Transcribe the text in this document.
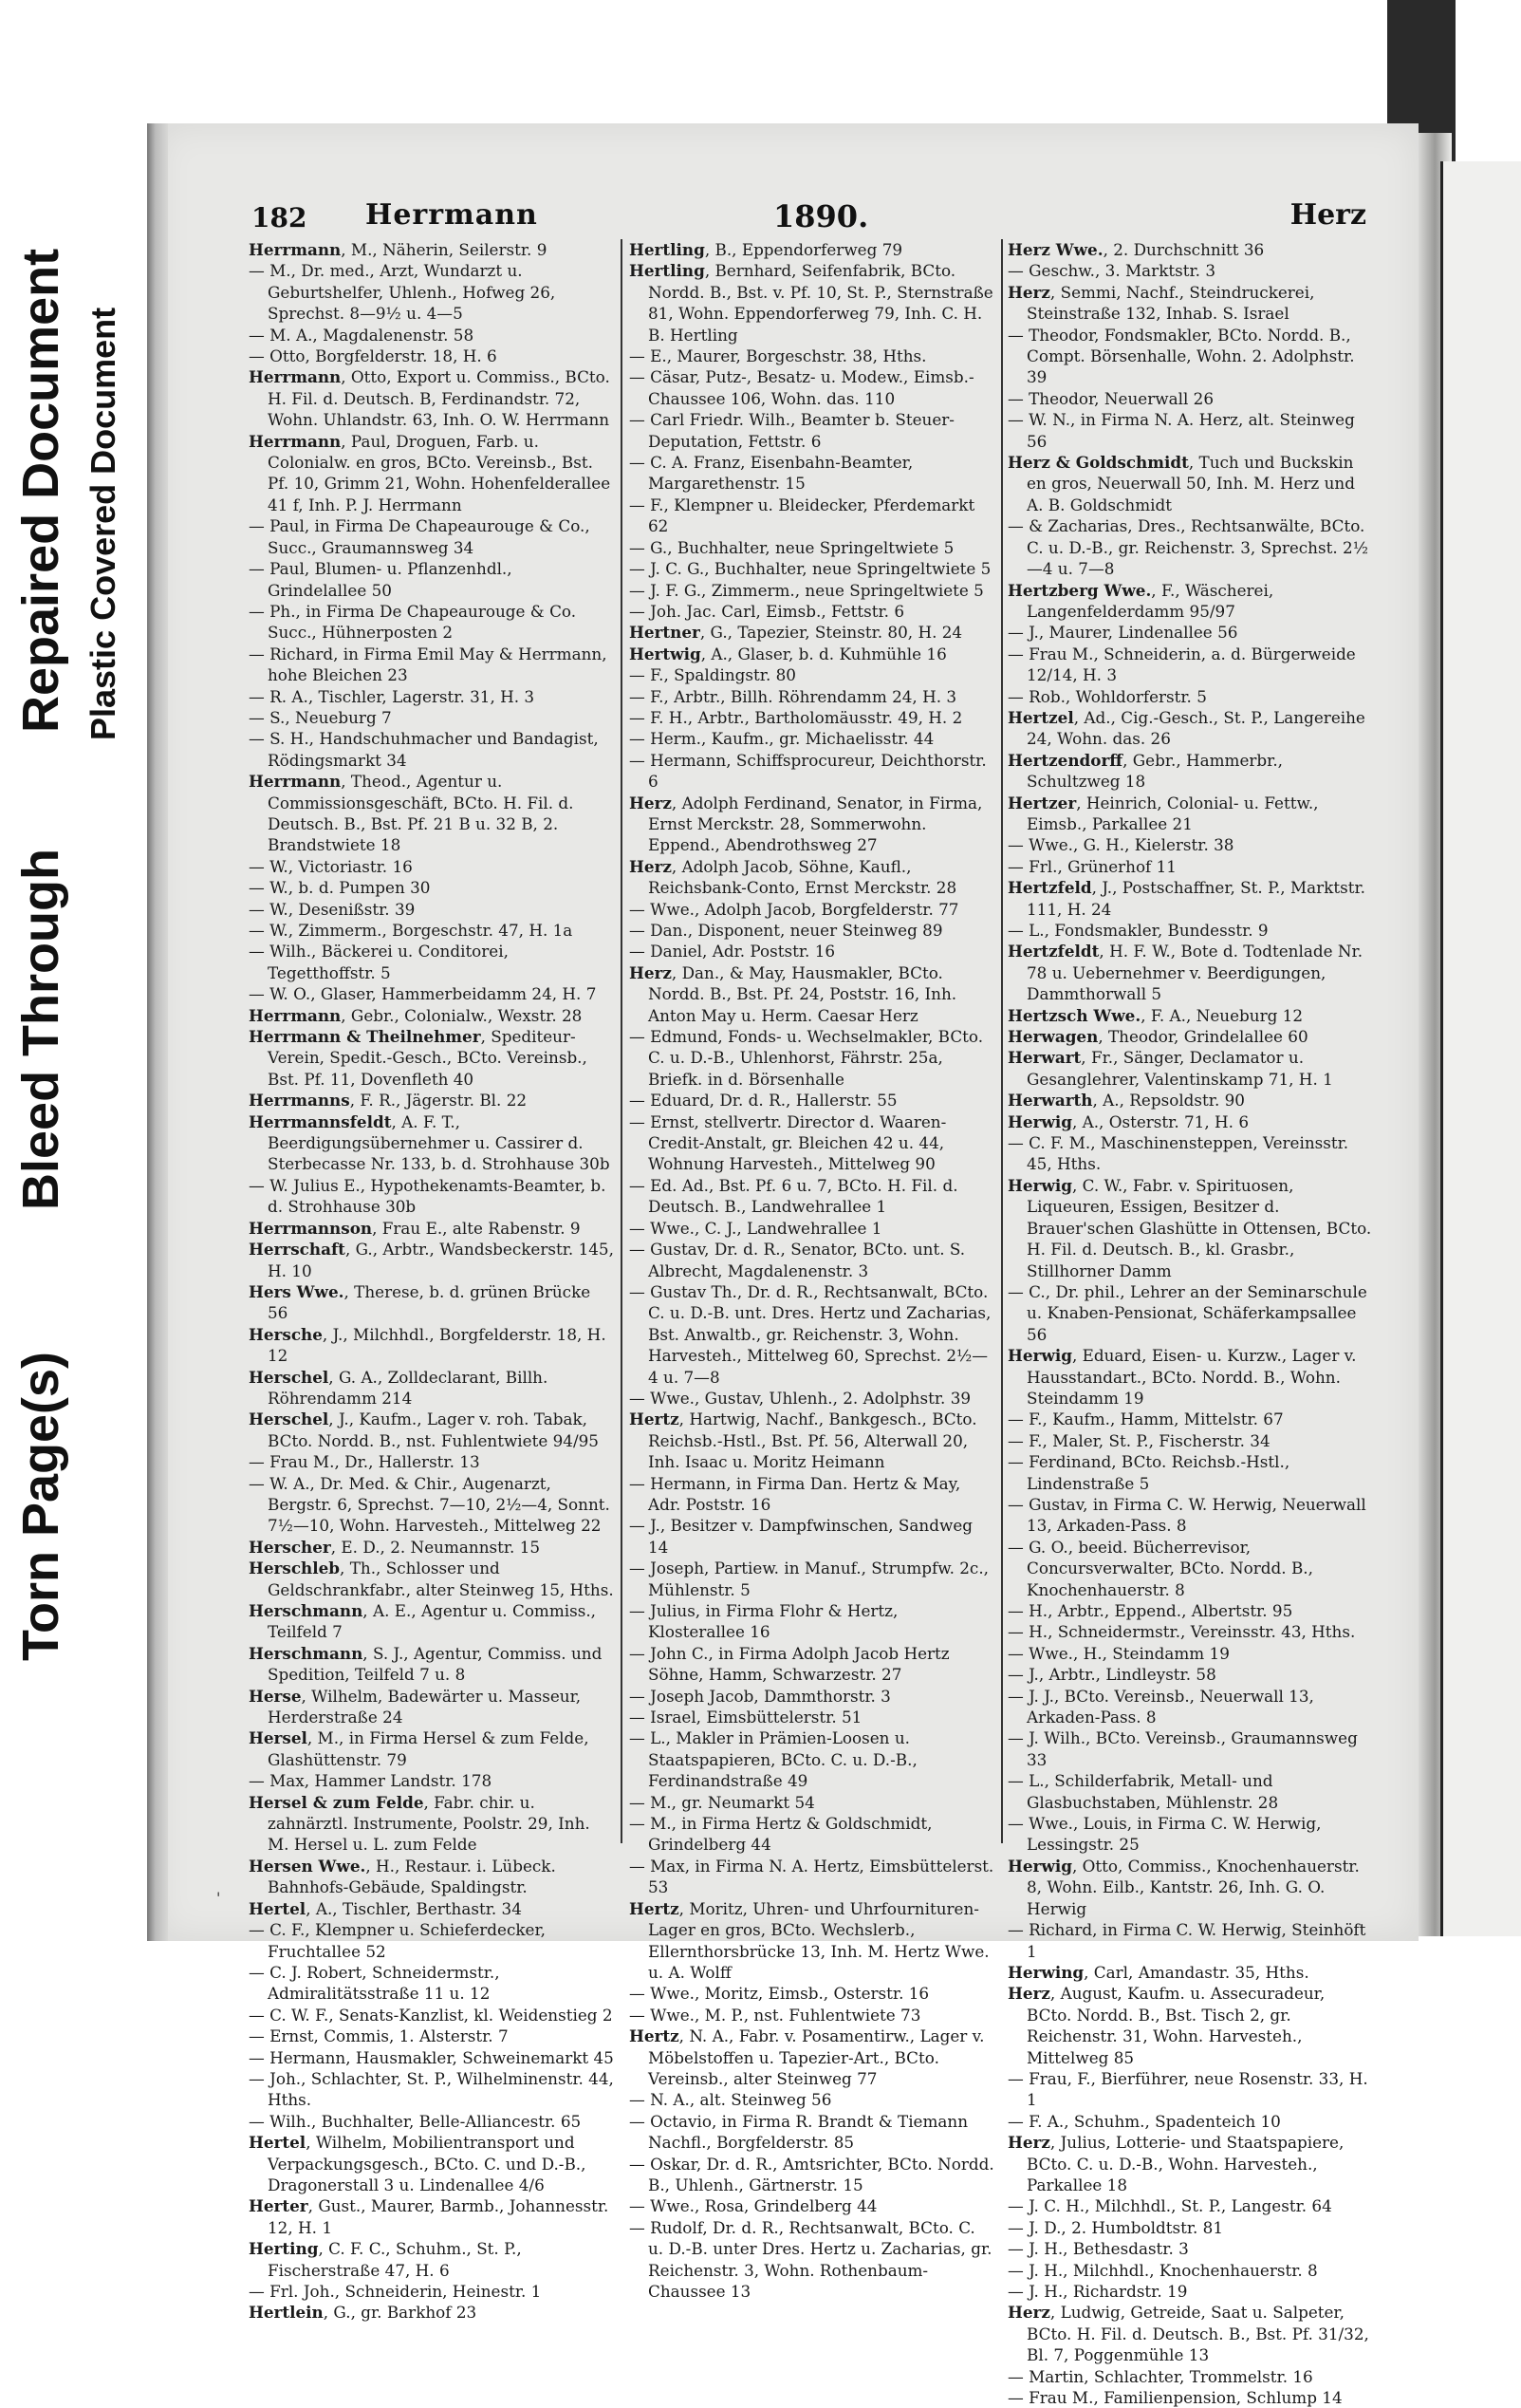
Torn Page(s)
Bleed Through
Repaired Document Plastic Covered Document
182 Herrmann	1890.	Herz

Herrmann, M., Näherin, Seilerstr. 9

— M., Dr. med., Arzt, Wundarzt u. Geburtshelfer, Uhlenh., Hofweg 26, Sprechst. 8—9½ u. 4—5

— M. A., Magdalenenstr. 58

— Otto, Borgfelderstr. 18, H. 6

Herrmann, Otto, Export u. Commiss., BCto. H. Fil. d. Deutsch. B, Ferdinandstr. 72, Wohn. Uhlandstr. 63, Inh. O. W. Herrmann

Herrmann, Paul, Droguen, Farb. u. Colonialw. en gros, BCto. Vereinsb., Bst. Pf. 10, Grimm 21, Wohn. Hohenfelderallee 41 f, Inh. P. J. Herrmann

— Paul, in Firma De Chapeaurouge & Co., Succ., Graumannsweg 34

— Paul, Blumen- u. Pflanzenhdl., Grindelallee 50

— Ph., in Firma De Chapeaurouge & Co. Succ., Hühnerposten 2

— Richard, in Firma Emil May & Herrmann, hohe Bleichen 23

— R. A., Tischler, Lagerstr. 31, H. 3

— S., Neueburg 7

— S. H., Handschuhmacher und Bandagist, Rödingsmarkt 34

Herrmann, Theod., Agentur u. Commissionsgeschäft, BCto. H. Fil. d. Deutsch. B., Bst. Pf. 21 B u. 32 B, 2. Brandstwiete 18

— W., Victoriastr. 16

— W., b. d. Pumpen 30

— W., Desenißstr. 39

— W., Zimmerm., Borgeschstr. 47, H. 1a

— Wilh., Bäckerei u. Conditorei, Tegetthoffstr. 5

— W. O., Glaser, Hammerbeidamm 24, H. 7

Herrmann, Gebr., Colonialw., Wexstr. 28

Herrmann & Theilnehmer, Spediteur-Verein, Spedit.-Gesch., BCto. Vereinsb., Bst. Pf. 11, Dovenfleth 40

Herrmanns, F. R., Jägerstr. Bl. 22

Herrmannsfeldt, A. F. T., Beerdigungsübernehmer u. Cassirer d. Sterbecasse Nr. 133, b. d. Strohhause 30b

— W. Julius E., Hypothekenamts-Beamter, b. d. Strohhause 30b

Herrmannson, Frau E., alte Rabenstr. 9

Herrschaft, G., Arbtr., Wandsbeckerstr. 145, H. 10

Hers Wwe., Therese, b. d. grünen Brücke 56

Hersche, J., Milchhdl., Borgfelderstr. 18, H. 12

Herschel, G. A., Zolldeclarant, Billh. Röhrendamm 214

Herschel, J., Kaufm., Lager v. roh. Tabak, BCto. Nordd. B., nst. Fuhlentwiete 94/95

— Frau M., Dr., Hallerstr. 13

— W. A., Dr. Med. & Chir., Augenarzt, Bergstr. 6, Sprechst. 7—10, 2½—4, Sonnt. 7½—10, Wohn. Harvesteh., Mittelweg 22

Herscher, E. D., 2. Neumannstr. 15

Herschleb, Th., Schlosser und Geldschrankfabr., alter Steinweg 15, Hths.

Herschmann, A. E., Agentur u. Commiss., Teilfeld 7

Herschmann, S. J., Agentur, Commiss. und Spedition, Teilfeld 7 u. 8

Herse, Wilhelm, Badewärter u. Masseur, Herderstraße 24

Hersel, M., in Firma Hersel & zum Felde, Glashüttenstr. 79

— Max, Hammer Landstr. 178

Hersel & zum Felde, Fabr. chir. u. zahnärztl. Instrumente, Poolstr. 29, Inh. M. Hersel u. L. zum Felde

Hersen Wwe., H., Restaur. i. Lübeck. Bahnhofs-Gebäude, Spaldingstr.

Hertel, A., Tischler, Berthastr. 34

— C. F., Klempner u. Schieferdecker, Fruchtallee 52

— C. J. Robert, Schneidermstr., Admiralitätsstraße 11 u. 12

— C. W. F., Senats-Kanzlist, kl. Weidenstieg 2

— Ernst, Commis, 1. Alsterstr. 7

— Hermann, Hausmakler, Schweinemarkt 45

— Joh., Schlachter, St. P., Wilhelminenstr. 44, Hths.

— Wilh., Buchhalter, Belle-Alliancestr. 65

Hertel, Wilhelm, Mobilientransport und Verpackungsgesch., BCto. C. und D.-B., Dragonerstall 3 u. Lindenallee 4/6

Herter, Gust., Maurer, Barmb., Johannesstr. 12, H. 1

Herting, C. F. C., Schuhm., St. P., Fischerstraße 47, H. 6

— Frl. Joh., Schneiderin, Heinestr. 1

Hertlein, G., gr. Barkhof 23

Hertling, B., Eppendorferweg 79

Hertling, Bernhard, Seifenfabrik, BCto. Nordd. B., Bst. v. Pf. 10, St. P., Sternstraße 81, Wohn. Eppendorferweg 79, Inh. C. H. B. Hertling

— E., Maurer, Borgeschstr. 38, Hths.

— Cäsar, Putz-, Besatz- u. Modew., Eimsb.-Chaussee 106, Wohn. das. 110

— Carl Friedr. Wilh., Beamter b. Steuer-Deputation, Fettstr. 6

— C. A. Franz, Eisenbahn-Beamter, Margarethenstr. 15

— F., Klempner u. Bleidecker, Pferdemarkt 62

— G., Buchhalter, neue Springeltwiete 5

— J. C. G., Buchhalter, neue Springeltwiete 5

— J. F. G., Zimmerm., neue Springeltwiete 5

— Joh. Jac. Carl, Eimsb., Fettstr. 6

Hertner, G., Tapezier, Steinstr. 80, H. 24

Hertwig, A., Glaser, b. d. Kuhmühle 16

— F., Spaldingstr. 80

— F., Arbtr., Billh. Röhrendamm 24, H. 3

— F. H., Arbtr., Bartholomäusstr. 49, H. 2

— Herm., Kaufm., gr. Michaelisstr. 44

— Hermann, Schiffsprocureur, Deichthorstr. 6

Herz, Adolph Ferdinand, Senator, in Firma, Ernst Merckstr. 28, Sommerwohn. Eppend., Abendrothsweg 27

Herz, Adolph Jacob, Söhne, Kaufl., Reichsbank-Conto, Ernst Merckstr. 28

— Wwe., Adolph Jacob, Borgfelderstr. 77

— Dan., Disponent, neuer Steinweg 89

— Daniel, Adr. Poststr. 16

Herz, Dan., & May, Hausmakler, BCto. Nordd. B., Bst. Pf. 24, Poststr. 16, Inh. Anton May u. Herm. Caesar Herz

— Edmund, Fonds- u. Wechselmakler, BCto. C. u. D.-B., Uhlenhorst, Fährstr. 25a, Briefk. in d. Börsenhalle

— Eduard, Dr. d. R., Hallerstr. 55

— Ernst, stellvertr. Director d. Waaren-Credit-Anstalt, gr. Bleichen 42 u. 44, Wohnung Harvesteh., Mittelweg 90

— Ed. Ad., Bst. Pf. 6 u. 7, BCto. H. Fil. d. Deutsch. B., Landwehrallee 1

— Wwe., C. J., Landwehrallee 1

— Gustav, Dr. d. R., Senator, BCto. unt. S. Albrecht, Magdalenenstr. 3

— Gustav Th., Dr. d. R., Rechtsanwalt, BCto. C. u. D.-B. unt. Dres. Hertz und Zacharias, Bst. Anwaltb., gr. Reichenstr. 3, Wohn. Harvesteh., Mittelweg 60, Sprechst. 2½—4 u. 7—8

— Wwe., Gustav, Uhlenh., 2. Adolphstr. 39

Hertz, Hartwig, Nachf., Bankgesch., BCto. Reichsb.-Hstl., Bst. Pf. 56, Alterwall 20, Inh. Isaac u. Moritz Heimann

— Hermann, in Firma Dan. Hertz & May, Adr. Poststr. 16

— J., Besitzer v. Dampfwinschen, Sandweg 14

— Joseph, Partiew. in Manuf., Strumpfw. 2c., Mühlenstr. 5

— Julius, in Firma Flohr & Hertz, Klosterallee 16

— John C., in Firma Adolph Jacob Hertz Söhne, Hamm, Schwarzestr. 27

— Joseph Jacob, Dammthorstr. 3

— Israel, Eimsbüttelerstr. 51

— L., Makler in Prämien-Loosen u. Staatspapieren, BCto. C. u. D.-B., Ferdinandstraße 49

— M., gr. Neumarkt 54

— M., in Firma Hertz & Goldschmidt, Grindelberg 44

— Max, in Firma N. A. Hertz, Eimsbüttelerst. 53

Hertz, Moritz, Uhren- und Uhrfournituren-Lager en gros, BCto. Wechslerb., Ellernthorsbrücke 13, Inh. M. Hertz Wwe. u. A. Wolff

— Wwe., Moritz, Eimsb., Osterstr. 16

— Wwe., M. P., nst. Fuhlentwiete 73

Hertz, N. A., Fabr. v. Posamentirw., Lager v. Möbelstoffen u. Tapezier-Art., BCto. Vereinsb., alter Steinweg 77

— N. A., alt. Steinweg 56

— Octavio, in Firma R. Brandt & Tiemann Nachfl., Borgfelderstr. 85

— Oskar, Dr. d. R., Amtsrichter, BCto. Nordd. B., Uhlenh., Gärtnerstr. 15

— Wwe., Rosa, Grindelberg 44

— Rudolf, Dr. d. R., Rechtsanwalt, BCto. C. u. D.-B. unter Dres. Hertz u. Zacharias, gr. Reichenstr. 3, Wohn. Rothenbaum-Chaussee 13

Herz Wwe., 2. Durchschnitt 36

— Geschw., 3. Marktstr. 3

Herz, Semmi, Nachf., Steindruckerei, Steinstraße 132, Inhab. S. Israel

— Theodor, Fondsmakler, BCto. Nordd. B., Compt. Börsenhalle, Wohn. 2. Adolphstr. 39

— Theodor, Neuerwall 26

— W. N., in Firma N. A. Herz, alt. Steinweg 56

Herz & Goldschmidt, Tuch und Buckskin en gros, Neuerwall 50, Inh. M. Herz und A. B. Goldschmidt

— & Zacharias, Dres., Rechtsanwälte, BCto. C. u. D.-B., gr. Reichenstr. 3, Sprechst. 2½—4 u. 7—8

Hertzberg Wwe., F., Wäscherei, Langenfelderdamm 95/97

— J., Maurer, Lindenallee 56

— Frau M., Schneiderin, a. d. Bürgerweide 12/14, H. 3

— Rob., Wohldorferstr. 5

Hertzel, Ad., Cig.-Gesch., St. P., Langereihe 24, Wohn. das. 26

Hertzendorff, Gebr., Hammerbr., Schultzweg 18

Hertzer, Heinrich, Colonial- u. Fettw., Eimsb., Parkallee 21

— Wwe., G. H., Kielerstr. 38

— Frl., Grünerhof 11

Hertzfeld, J., Postschaffner, St. P., Marktstr. 111, H. 24

— L., Fondsmakler, Bundesstr. 9

Hertzfeldt, H. F. W., Bote d. Todtenlade Nr. 78 u. Uebernehmer v. Beerdigungen, Dammthorwall 5

Hertzsch Wwe., F. A., Neueburg 12

Herwagen, Theodor, Grindelallee 60

Herwart, Fr., Sänger, Declamator u. Gesanglehrer, Valentinskamp 71, H. 1

Herwarth, A., Repsoldstr. 90

Herwig, A., Osterstr. 71, H. 6

— C. F. M., Maschinensteppen, Vereinsstr. 45, Hths.

Herwig, C. W., Fabr. v. Spirituosen, Liqueuren, Essigen, Besitzer d. Brauer'schen Glashütte in Ottensen, BCto. H. Fil. d. Deutsch. B., kl. Grasbr., Stillhorner Damm

— C., Dr. phil., Lehrer an der Seminarschule u. Knaben-Pensionat, Schäferkampsallee 56

Herwig, Eduard, Eisen- u. Kurzw., Lager v. Hausstandart., BCto. Nordd. B., Wohn. Steindamm 19

— F., Kaufm., Hamm, Mittelstr. 67

— F., Maler, St. P., Fischerstr. 34

— Ferdinand, BCto. Reichsb.-Hstl., Lindenstraße 5

— Gustav, in Firma C. W. Herwig, Neuerwall 13, Arkaden-Pass. 8

— G. O., beeid. Bücherrevisor, Concursverwalter, BCto. Nordd. B., Knochenhauerstr. 8

— H., Arbtr., Eppend., Albertstr. 95

— H., Schneidermstr., Vereinsstr. 43, Hths.

— Wwe., H., Steindamm 19

— J., Arbtr., Lindleystr. 58

— J. J., BCto. Vereinsb., Neuerwall 13, Arkaden-Pass. 8

— J. Wilh., BCto. Vereinsb., Graumannsweg 33

— L., Schilderfabrik, Metall- und Glasbuchstaben, Mühlenstr. 28

— Wwe., Louis, in Firma C. W. Herwig, Lessingstr. 25

Herwig, Otto, Commiss., Knochenhauerstr. 8, Wohn. Eilb., Kantstr. 26, Inh. G. O. Herwig

— Richard, in Firma C. W. Herwig, Steinhöft 1

Herwing, Carl, Amandastr. 35, Hths.

Herz, August, Kaufm. u. Assecuradeur, BCto. Nordd. B., Bst. Tisch 2, gr. Reichenstr. 31, Wohn. Harvesteh., Mittelweg 85

— Frau, F., Bierführer, neue Rosenstr. 33, H. 1

— F. A., Schuhm., Spadenteich 10

Herz, Julius, Lotterie- und Staatspapiere, BCto. C. u. D.-B., Wohn. Harvesteh., Parkallee 18

— J. C. H., Milchhdl., St. P., Langestr. 64

— J. D., 2. Humboldtstr. 81

— J. H., Bethesdastr. 3

— J. H., Milchhdl., Knochenhauerstr. 8

— J. H., Richardstr. 19

Herz, Ludwig, Getreide, Saat u. Salpeter, BCto. H. Fil. d. Deutsch. B., Bst. Pf. 31/32, Bl. 7, Poggenmühle 13

— Martin, Schlachter, Trommelstr. 16

— Frau M., Familienpension, Schlump 14

'
